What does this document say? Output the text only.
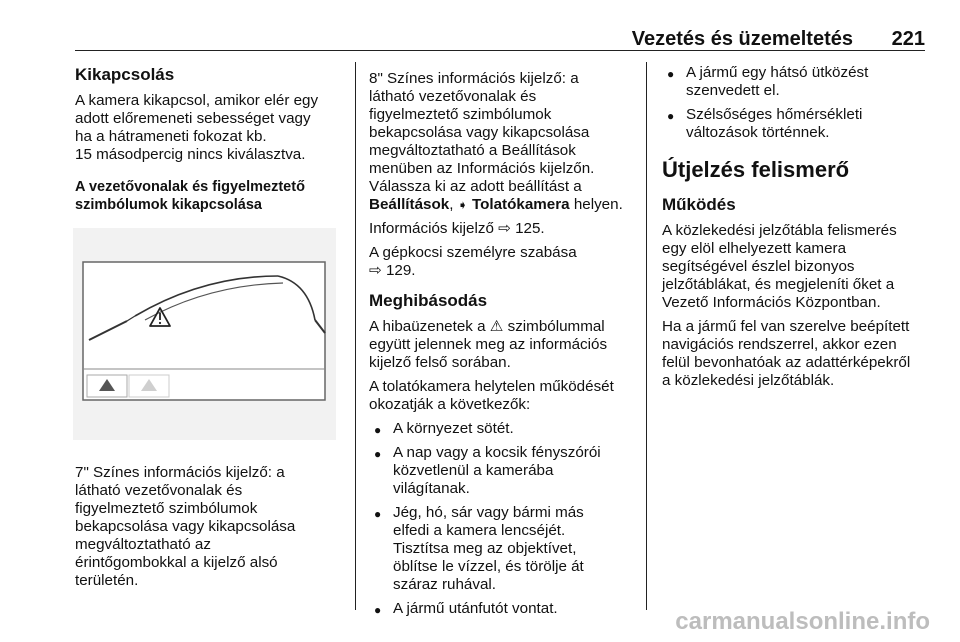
Vezetés és üzemeltetés 221
Kikapcsolás

A kamera kikapcsol, amikor elér egy
adott előremeneti sebességet vagy
ha a hátrameneti fokozat kb.
15 másodpercig nincs kiválasztva.

A vezetővonalak és figyelmeztető
szimbólumok kikapcsolása

7" Színes információs kijelző: a
látható vezetővonalak és
figyelmeztető szimbólumok
bekapcsolása vagy kikapcsolása
megváltoztatható az
érintőgombokkal a kijelző alsó
területén.

8" Színes információs kijelző: a
látható vezetővonalak és
figyelmeztető szimbólumok
bekapcsolása vagy kikapcsolása
megváltoztatható a Beállítások
menüben az Információs kijelzőn.
Válassza ki az adott beállítást a
Beállítások, ➧ Tolatókamera helyen.

Információs kijelző ⇨ 125.

A gépkocsi személyre szabása
⇨ 129.

Meghibásodás

A hibaüzenetek a ⚠ szimbólummal
együtt jelennek meg az információs
kijelző felső sorában.

A tolatókamera helytelen működését
okozatják a következők:

● A környezet sötét.
● A nap vagy a kocsik fényszórói
közvetlenül a kamerába
világítanak.
● Jég, hó, sár vagy bármi más
elfedi a kamera lencséjét.
Tisztítsa meg az objektívet,
öblítse le vízzel, és törölje át
száraz ruhával.
● A jármű utánfutót vontat.
● A jármű egy hátsó ütközést
szenvedett el.
● Szélsőséges hőmérsékleti
változások történnek.
Útjelzés felismerő
Működés

A közlekedési jelzőtábla felismerés
egy elöl elhelyezett kamera
segítségével észlel bizonyos
jelzőtáblákat, és megjeleníti őket a
Vezető Információs Központban.

Ha a jármű fel van szerelve beépített
navigációs rendszerrel, akkor ezen
felül bevonhatóak az adattérképekről
a közlekedési jelzőtáblák.

carmanualsonline.info
